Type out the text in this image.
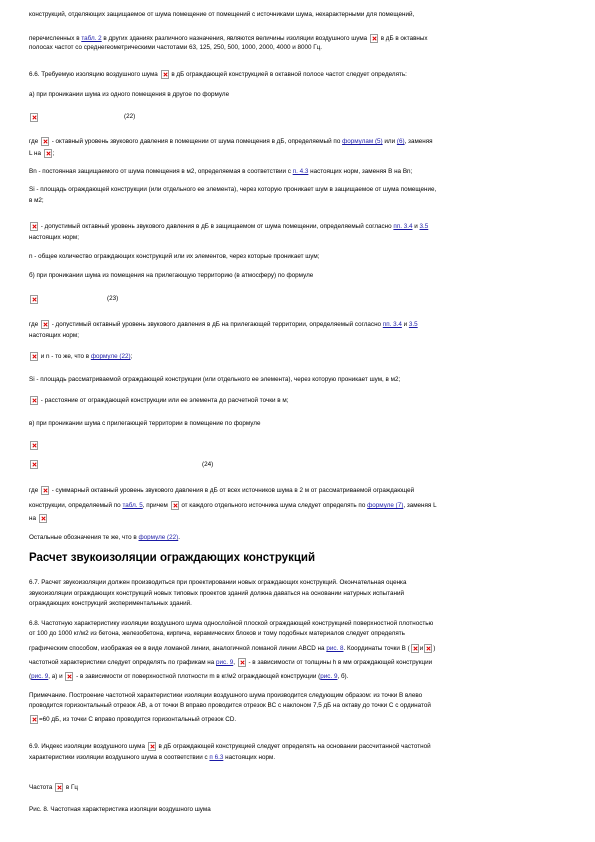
конструкций, отделяющих защищаемое от шума помещение от помещений с источниками шума, нехарактерными для помещений,
перечисленных в табл. 2 в других зданиях различного назначения, являются величины изоляции воздушного шума в дБ в октавных
полосах частот со среднегеометрическими частотами 63, 125, 250, 500, 1000, 2000, 4000 и 8000 Гц.
6.6. Требуемую изоляцию воздушного шума в дБ ограждающей конструкцией в октавной полосе частот следует определять:
а) при проникании шума из одного помещения в другое по формуле
(22)
где - октавный уровень звукового давления в помещении от шума помещения в дБ, определяемый по формулам (5) или (6), заменяя
L на ;
Bn - постоянная защищаемого от шума помещения в м2, определяемая в соответствии с п. 4.3 настоящих норм, заменяя B на Bn;
Si - площадь ограждающей конструкции (или отдельного ее элемента), через которую проникает шум в защищаемое от шума помещение,
в м2;
- допустимый октавный уровень звукового давления в дБ в защищаемом от шума помещении, определяемый согласно пп. 3.4 и 3.5
настоящих норм;
n - общее количество ограждающих конструкций или их элементов, через которые проникает шум;
б) при проникании шума из помещения на прилегающую территорию (в атмосферу) по формуле
(23)
где - допустимый октавный уровень звукового давления в дБ на прилегающей территории, определяемый согласно пп. 3.4 и 3.5
настоящих норм;
и n - то же, что в формуле (22);
Si - площадь рассматриваемой ограждающей конструкции (или отдельного ее элемента), через которую проникает шум, в м2;
- расстояние от ограждающей конструкции или ее элемента до расчетной точки в м;
в) при проникании шума с прилегающей территории в помещение по формуле
(24)
где - суммарный октавный уровень звукового давления в дБ от всех источников шума в 2 м от рассматриваемой ограждающей
конструкции, определяемый по табл. 5, причем от каждого отдельного источника шума следует определять по формуле (7), заменяя L
на
Остальные обозначения те же, что в формуле (22).
Расчет звукоизоляции ограждающих конструкций
6.7. Расчет звукоизоляции должен производиться при проектировании новых ограждающих конструкций. Окончательная оценка
звукоизоляции ограждающих конструкций новых типовых проектов зданий должна даваться на основании натурных испытаний
ограждающих конструкций экспериментальных зданий.
6.8. Частотную характеристику изоляции воздушного шума однослойной плоской ограждающей конструкцией поверхностной плотностью
от 100 до 1000 кг/м2 из бетона, железобетона, кирпича, керамических блоков и тому подобных материалов следует определять
графическим способом, изображая ее в виде ломаной линии, аналогичной ломаной линии ABCD на рис. 8. Координаты точки B ( и )
частотной характеристики следует определять по графикам на рис. 9, - в зависимости от толщины h в мм ограждающей конструкции
(рис. 9, а) и - в зависимости от поверхностной плотности m в кг/м2 ограждающей конструкции (рис. 9, б).
Примечание. Построение частотной характеристики изоляции воздушного шума производится следующим образом: из точки B влево
проводится горизонтальный отрезок AB, а от точки B вправо проводится отрезок BC с наклоном 7,5 дБ на октаву до точки C с ординатой
=60 дБ, из точки C вправо проводится горизонтальный отрезок CD.
6.9. Индекс изоляции воздушного шума в дБ ограждающей конструкцией следует определять на основании рассчитанной частотной
характеристики изоляции воздушного шума в соответствии с п 6.3 настоящих норм.
Частота в Гц
Рис. 8. Частотная характеристика изоляции воздушного шума
